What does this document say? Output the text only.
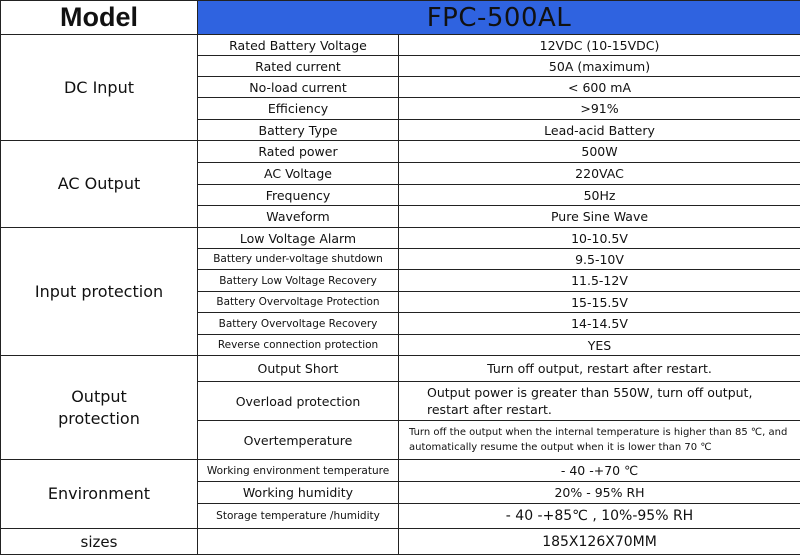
Model	FPC-500AL	
DC Input	Rated Battery Voltage	12VDC (10-15VDC)
	Rated current	50A (maximum)
	No-load current	< 600 mA
	Efficiency	>91%
	Battery Type	Lead-acid Battery
AC Output	Rated power	500W
	AC Voltage	220VAC
	Frequency	50Hz
	Waveform	Pure Sine Wave
Input protection	Low Voltage Alarm	10-10.5V
	Battery under-voltage shutdown	9.5-10V
	Battery Low Voltage Recovery	11.5-12V
	Battery Overvoltage Protection	15-15.5V
	Battery Overvoltage Recovery	14-14.5V
	Reverse connection protection	YES
Output protection	Output Short	Turn off output, restart after restart.
	Overload protection	Output power is greater than 550W, turn off output, restart after restart.
	Overtemperature	Turn off the output when the internal temperature is higher than 85 ℃, and automatically resume the output when it is lower than 70 ℃
Environment	Working environment temperature	- 40 -+70 ℃
	Working humidity	20% - 95% RH
	Storage temperature /humidity	- 40 -+85℃ , 10%-95% RH
sizes		185X126X70MM
